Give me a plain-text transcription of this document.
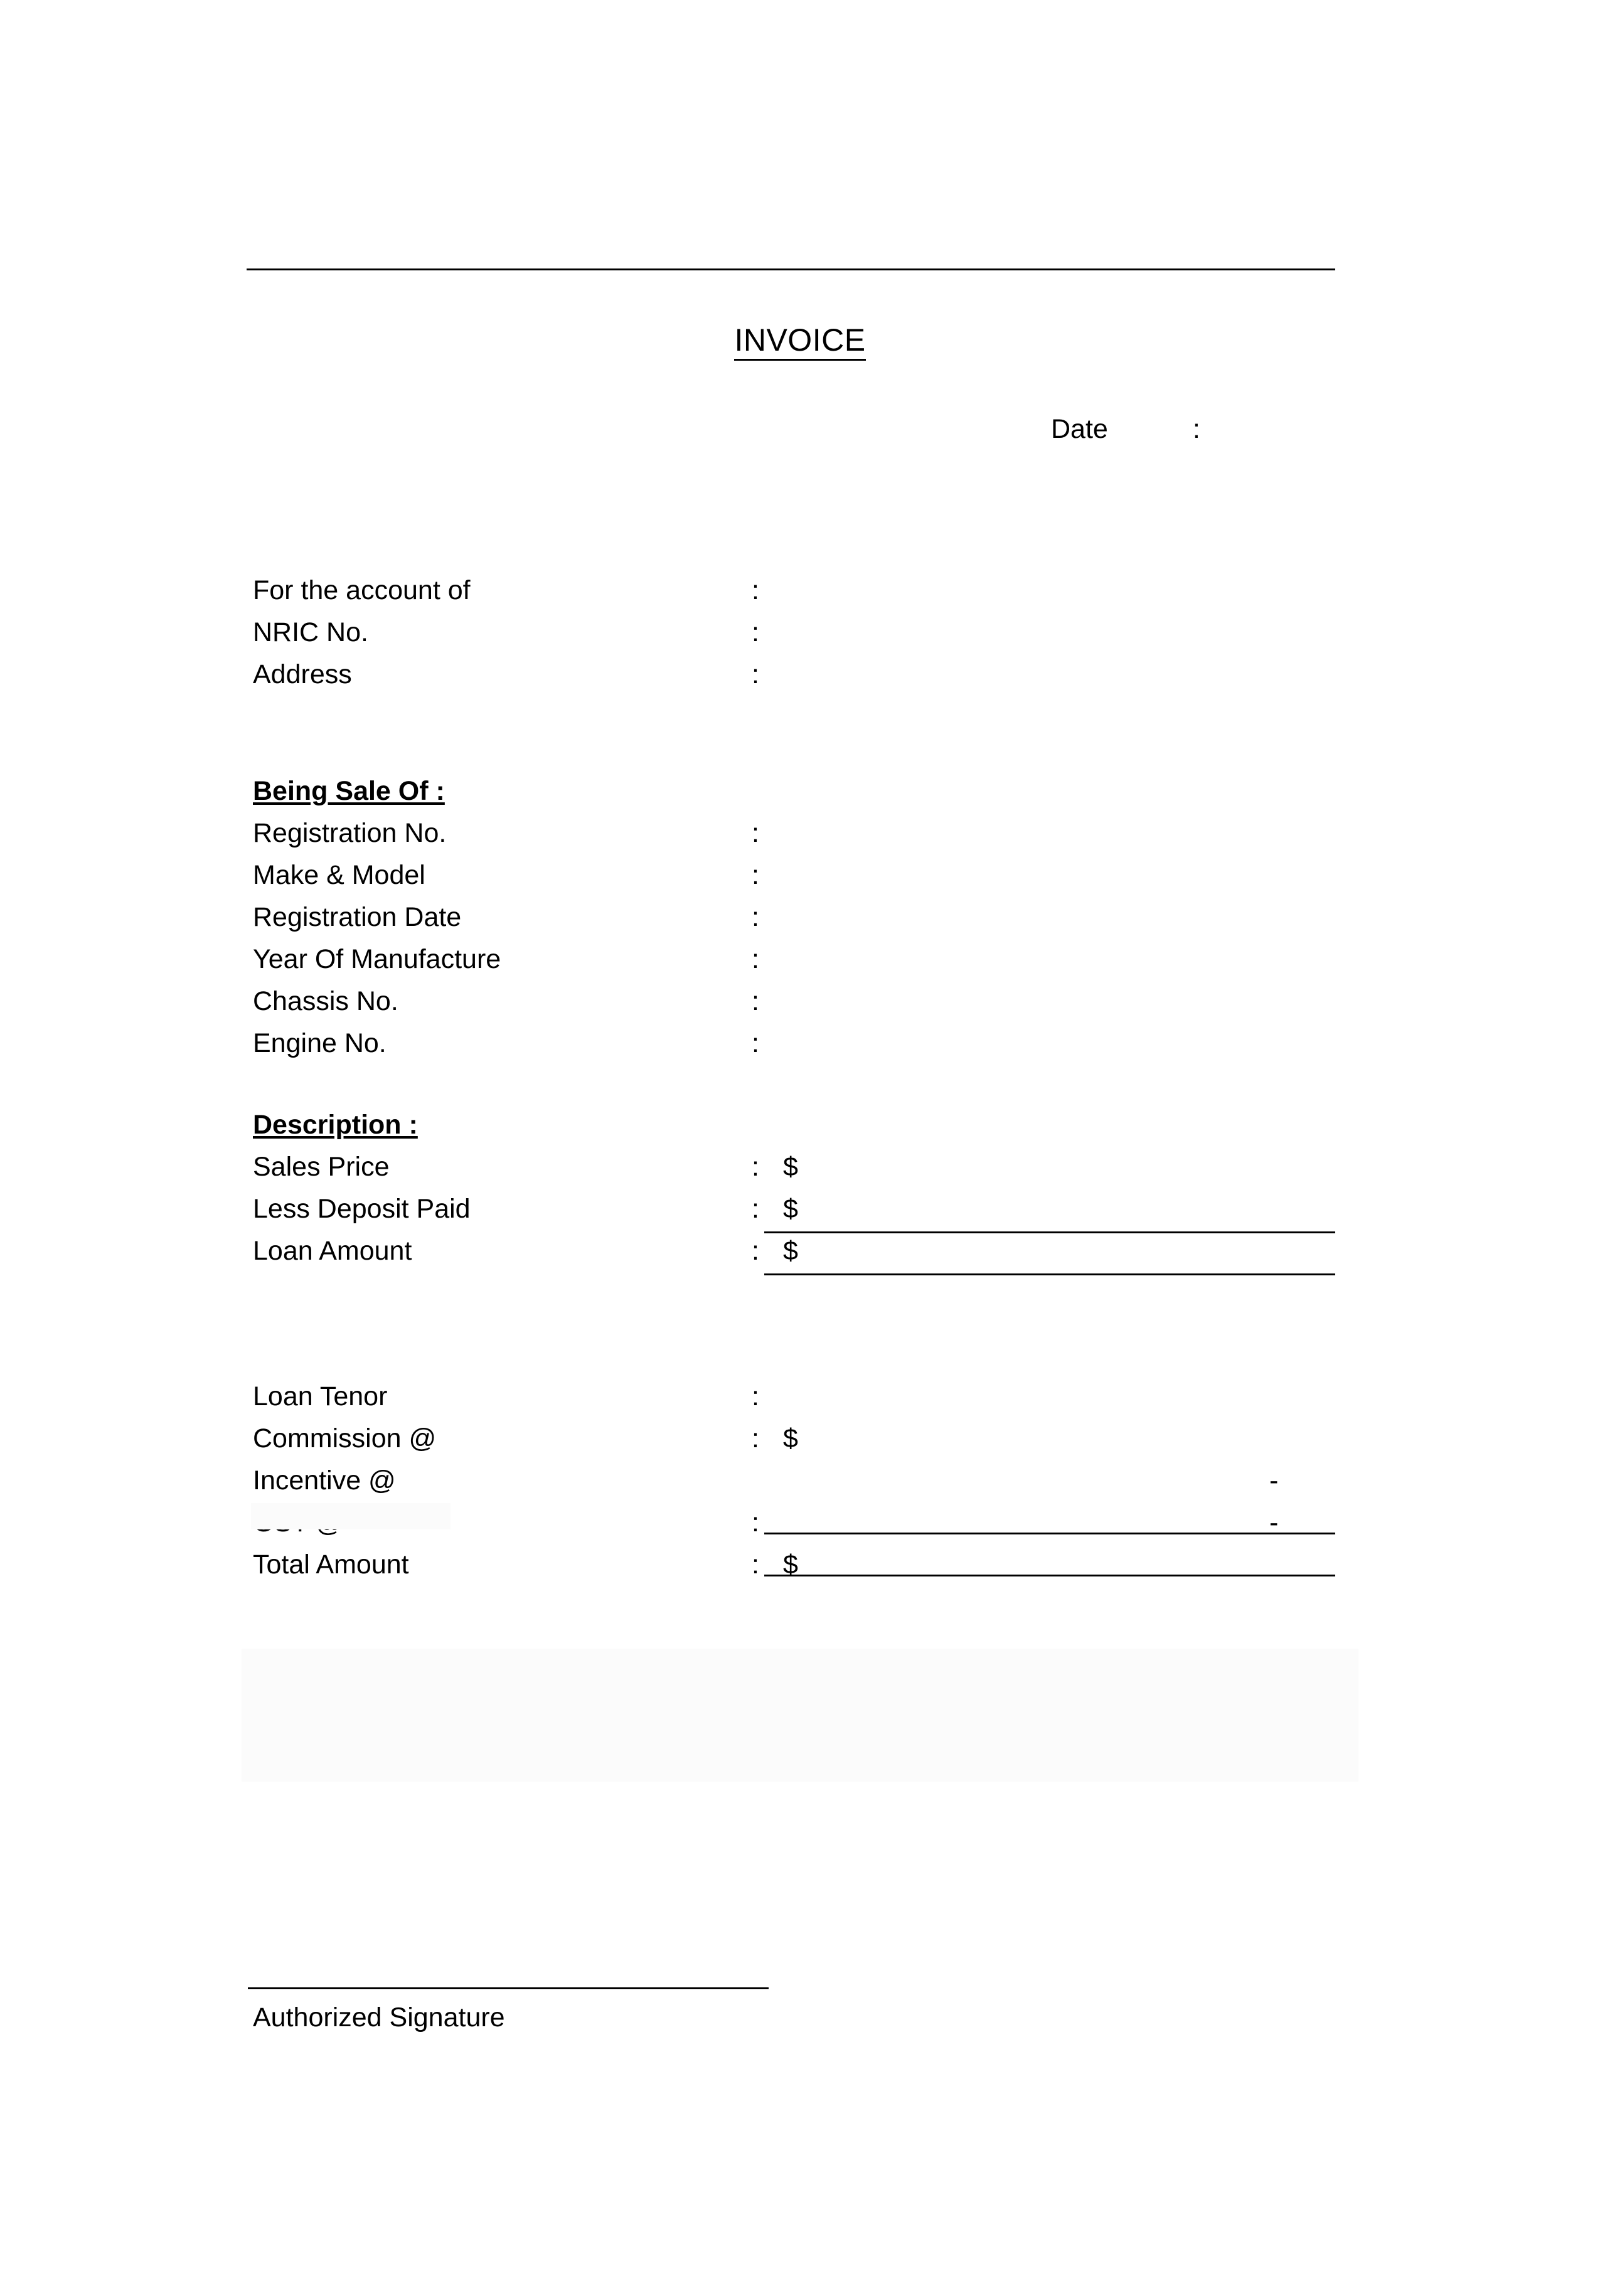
INVOICE
Date	:
For the account of	:
NRIC No.	:
Address	:
Being Sale Of :
Registration No.	:
Make & Model	:
Registration Date	:
Year Of Manufacture	:
Chassis No.	:
Engine No.	:
Description :
Sales Price	: $
Less Deposit Paid	: $
Loan Amount	: $
Loan Tenor	:
Commission @	: $
Incentive @	-
:	-
Total Amount	: $
Authorized Signature
